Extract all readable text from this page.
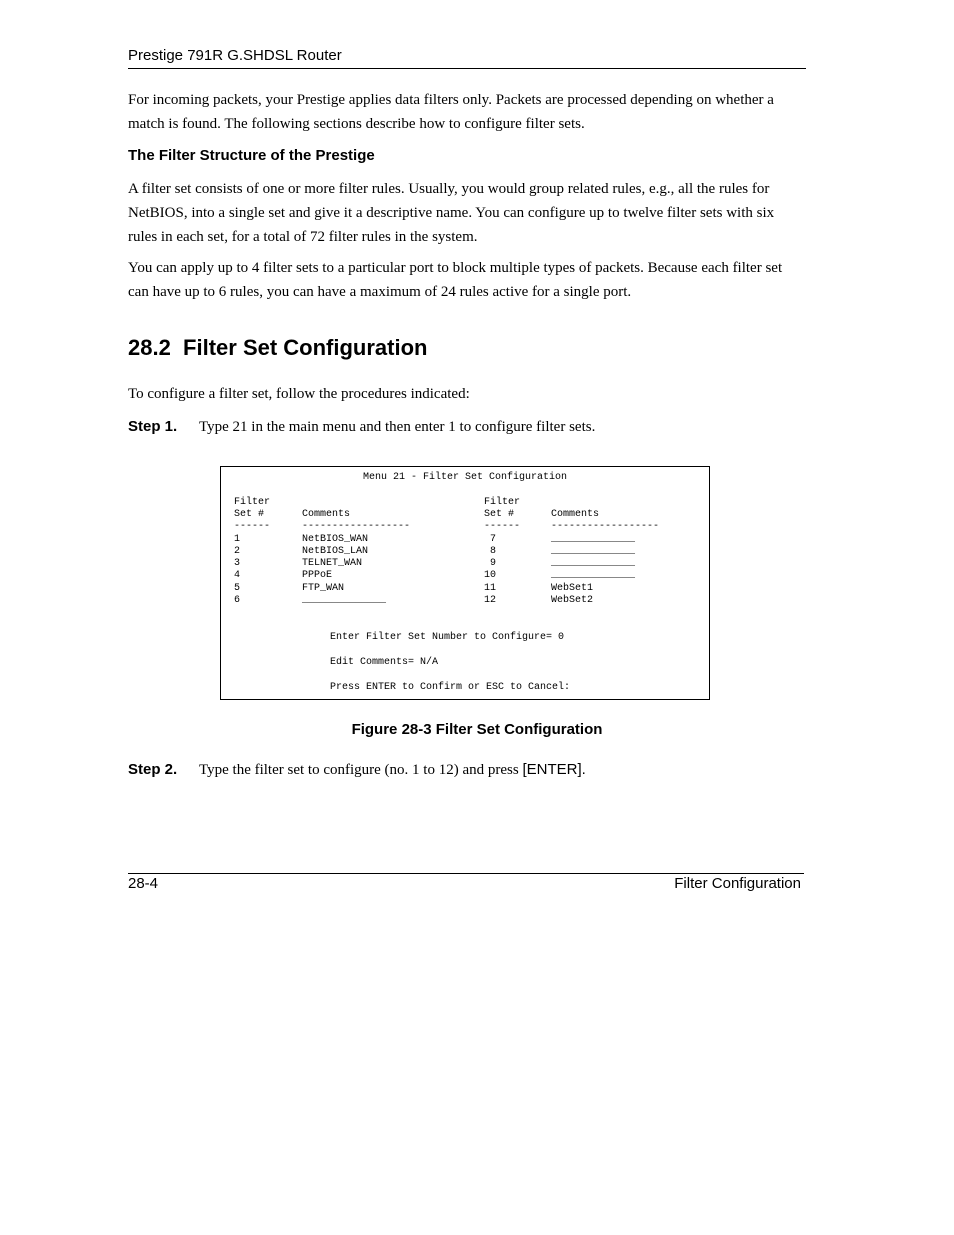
Prestige 791R G.SHDSL Router

For incoming packets, your Prestige applies data filters only. Packets are processed depending on whether a match is found. The following sections describe how to configure filter sets.

The Filter Structure of the Prestige

A filter set consists of one or more filter rules. Usually, you would group related rules, e.g., all the rules for NetBIOS, into a single set and give it a descriptive name. You can configure up to twelve filter sets with six rules in each set, for a total of 72 filter rules in the system.

You can apply up to 4 filter sets to a particular port to block multiple types of packets. Because each filter set can have up to 6 rules, you can have a maximum of 24 rules active for a single port.

28.2  Filter Set Configuration

To configure a filter set, follow the procedures indicated:

Step 1. Type 21 in the main menu and then enter 1 to configure filter sets.
Menu 21 - Filter Set Configuration
Filter
Set #	Comments
------	------------------
Filter
Set #	Comments
------	------------------
1	NetBIOS_WAN
2	NetBIOS_LAN
3	TELNET_WAN
4	PPPoE
5	FTP_WAN
6	______________
7	______________
8	______________
9	______________
10	______________
11	WebSet1
12	WebSet2
Enter Filter Set Number to Configure= 0
Edit Comments= N/A
Press ENTER to Confirm or ESC to Cancel:
Figure 28-3 Filter Set Configuration
Step 2. Type the filter set to configure (no. 1 to 12) and press [ENTER].
28-4	Filter Configuration
